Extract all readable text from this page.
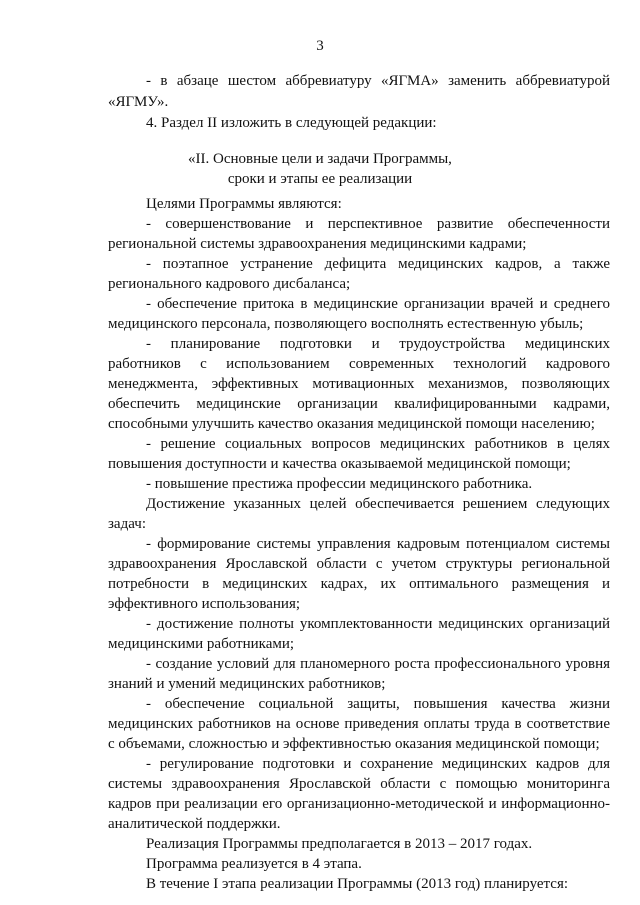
3
«II. Основные цели и задачи Программы,
сроки и этапы ее реализации
- в абзаце шестом аббревиатуру «ЯГМА» заменить аббревиатурой
«ЯГМУ».
4. Раздел II изложить в следующей редакции:
Целями Программы являются:
- совершенствование и перспективное развитие обеспеченности
региональной системы здравоохранения медицинскими кадрами;
- поэтапное устранение дефицита медицинских кадров, а также
регионального кадрового дисбаланса;
- обеспечение притока в медицинские организации врачей и среднего
медицинского персонала, позволяющего восполнять естественную убыль;
- планирование подготовки и трудоустройства медицинских
работников с использованием современных технологий кадрового
менеджмента, эффективных мотивационных механизмов, позволяющих
обеспечить медицинские организации квалифицированными кадрами,
способными улучшить качество оказания медицинской помощи населению;
- решение социальных вопросов медицинских работников в целях
повышения доступности и качества оказываемой медицинской помощи;
- повышение престижа профессии медицинского работника.
Достижение указанных целей обеспечивается решением следующих
задач:
- формирование системы управления кадровым потенциалом системы
здравоохранения Ярославской области с учетом структуры региональной
потребности в медицинских кадрах, их оптимального размещения и
эффективного использования;
- достижение полноты укомплектованности медицинских организаций
медицинскими работниками;
- создание условий для планомерного роста профессионального уровня
знаний и умений медицинских работников;
- обеспечение социальной защиты, повышения качества жизни
медицинских работников на основе приведения оплаты труда в соответствие
с объемами, сложностью и эффективностью оказания медицинской помощи;
- регулирование подготовки и сохранение медицинских кадров для
системы здравоохранения Ярославской области с помощью мониторинга
кадров при реализации его организационно-методической и информационно-
аналитической поддержки.
Реализация Программы предполагается в 2013 – 2017 годах.
Программа реализуется в 4 этапа.
В течение I этапа реализации Программы (2013 год) планируется:
